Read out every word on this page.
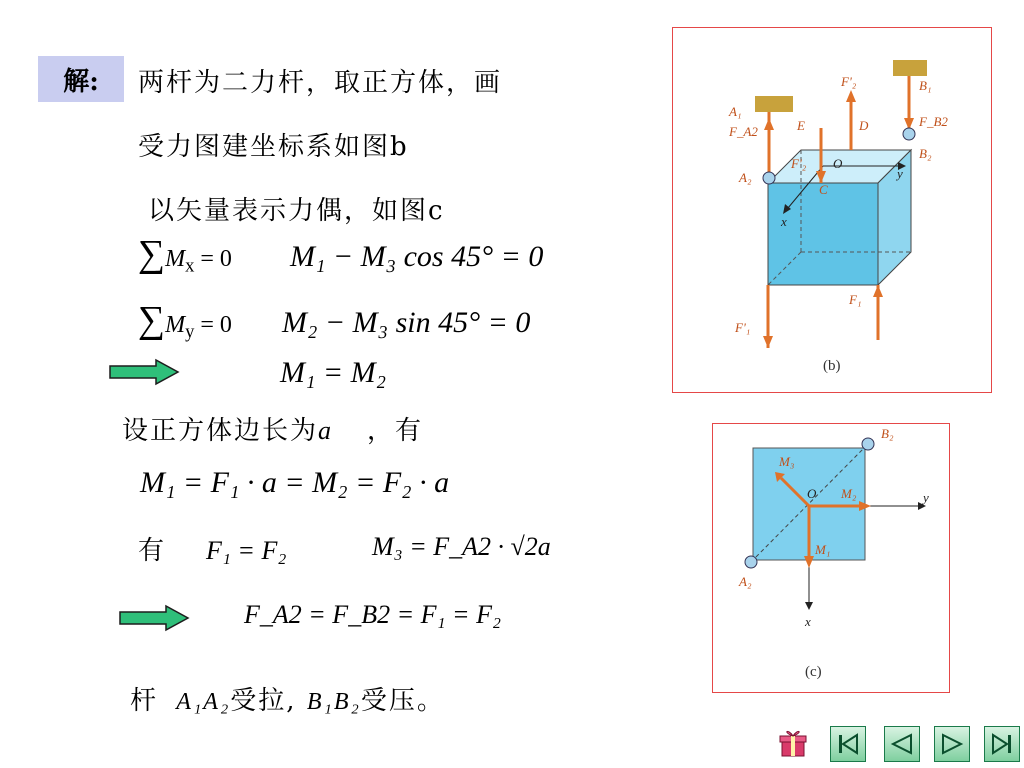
解: 两杆为二力杆，取正方体，画
受力图建坐标系如图b
以矢量表示力偶，如图c
$\sum M_x = 0$ M₁ − M₃ cos 45° = 0
$\sum M_y = 0$ M₂ − M₃ sin 45° = 0
M₁ = M₂
设正方体边长为a ，有
M₁ = F₁ · a = M₂ = F₂ · a
有 F₁ = F₂	M₃ = F_A2 · √2a
F_A2 = F_B2 = F₁ = F₂
杆 A₁A₂受拉, B₁B₂受压。
F'₂	B₁
A₁
F_A2	E	D	F_B2
B₂
F'₂ O
y
A₂
C
x
F₁
F'₁
(b)
B₂
M₃
O M₂	y
M₁
A₂
x
(c)
